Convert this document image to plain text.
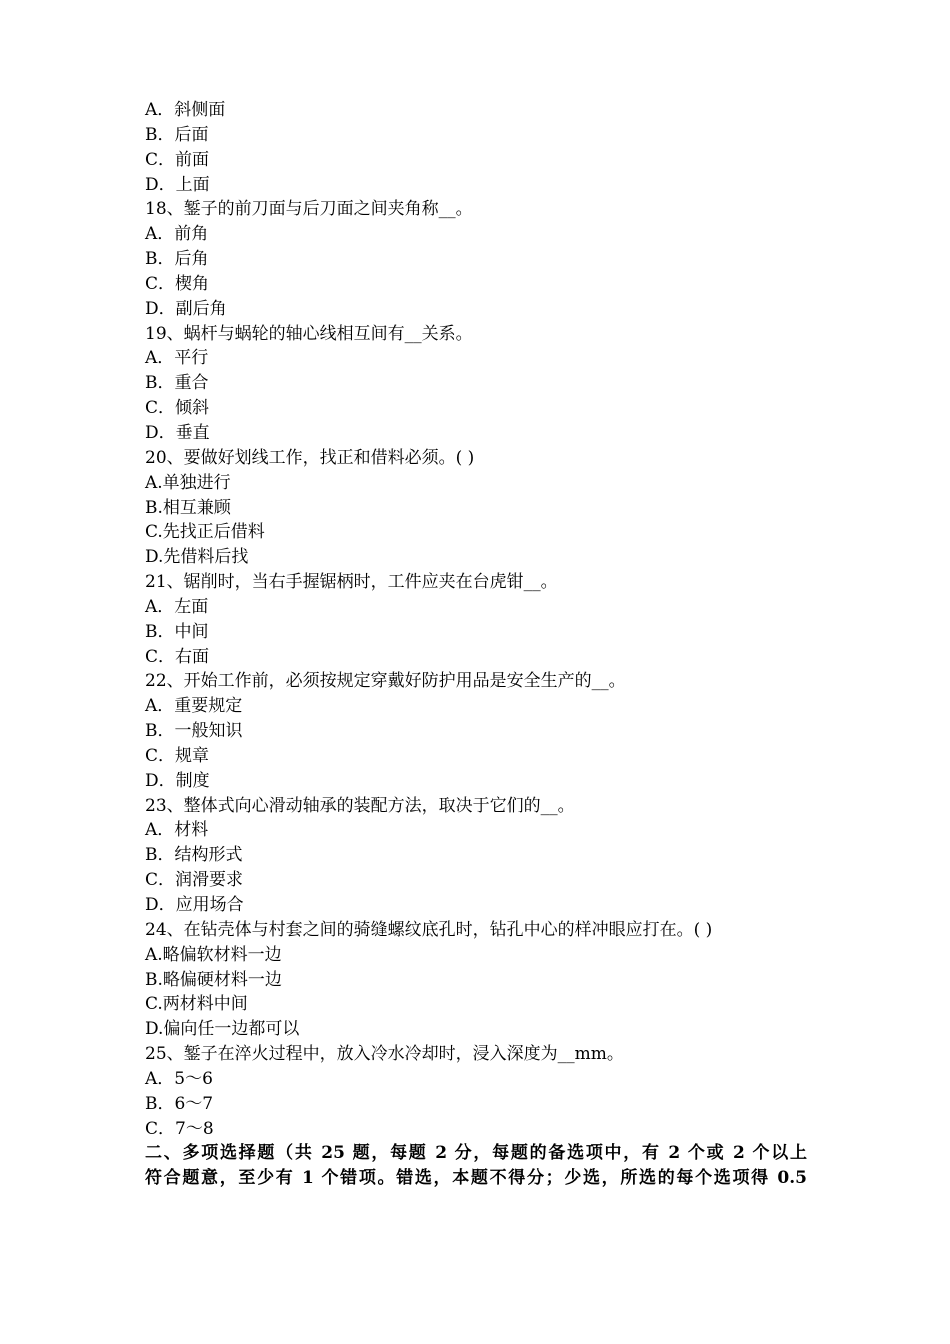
A．斜侧面
B．后面
C．前面
D．上面
18、錾子的前刀面与后刀面之间夹角称__。
A．前角
B．后角
C．楔角
D．副后角
19、蜗杆与蜗轮的轴心线相互间有__关系。
A．平行
B．重合
C．倾斜
D．垂直
20、要做好划线工作，找正和借料必须。( )
A.单独进行
B.相互兼顾
C.先找正后借料
D.先借料后找
21、锯削时，当右手握锯柄时，工件应夹在台虎钳__。
A．左面
B．中间
C．右面
22、开始工作前，必须按规定穿戴好防护用品是安全生产的__。
A．重要规定
B．一般知识
C．规章
D．制度
23、整体式向心滑动轴承的装配方法，取决于它们的__。
A．材料
B．结构形式
C．润滑要求
D．应用场合
24、在钻壳体与村套之间的骑缝螺纹底孔时，钻孔中心的样冲眼应打在。( )
A.略偏软材料一边
B.略偏硬材料一边
C.两材料中间
D.偏向任一边都可以
25、錾子在淬火过程中，放入冷水冷却时，浸入深度为__mm。
A．5～6
B．6～7
C．7～8
二、多项选择题（共 25 题，每题 2 分，每题的备选项中，有 2 个或 2 个以上
符合题意，至少有 1 个错项。错选，本题不得分；少选，所选的每个选项得 0.5
